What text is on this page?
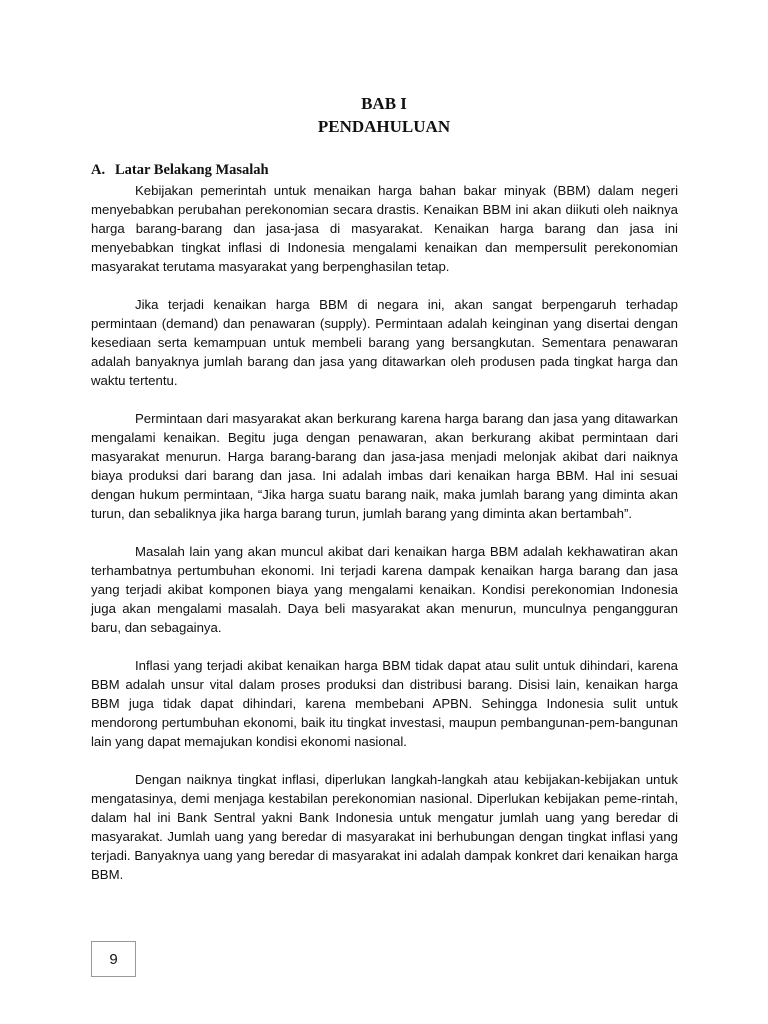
BAB I
PENDAHULUAN
A. Latar Belakang Masalah

Kebijakan pemerintah untuk menaikan harga bahan bakar minyak (BBM) dalam negeri menyebabkan perubahan perekonomian secara drastis. Kenaikan BBM ini akan diikuti oleh naiknya harga barang-barang dan jasa-jasa di masyarakat. Kenaikan harga barang dan jasa ini menyebabkan tingkat inflasi di Indonesia mengalami kenaikan dan mempersulit perekonomian masyarakat terutama masyarakat yang berpenghasilan tetap.

Jika terjadi kenaikan harga BBM di negara ini, akan sangat berpengaruh terhadap permintaan (demand) dan penawaran (supply). Permintaan adalah keinginan yang disertai dengan kesediaan serta kemampuan untuk membeli barang yang bersangkutan. Sementara penawaran adalah banyaknya jumlah barang dan jasa yang ditawarkan oleh produsen pada tingkat harga dan waktu tertentu.

Permintaan dari masyarakat akan berkurang karena harga barang dan jasa yang ditawarkan mengalami kenaikan. Begitu juga dengan penawaran, akan berkurang akibat permintaan dari masyarakat menurun. Harga barang-barang dan jasa-jasa menjadi melonjak akibat dari naiknya biaya produksi dari barang dan jasa. Ini adalah imbas dari kenaikan harga BBM. Hal ini sesuai dengan hukum permintaan, “Jika harga suatu barang naik, maka jumlah barang yang diminta akan turun, dan sebaliknya jika harga barang turun, jumlah barang yang diminta akan bertambah”.

Masalah lain yang akan muncul akibat dari kenaikan harga BBM adalah kekhawatiran akan terhambatnya pertumbuhan ekonomi. Ini terjadi karena dampak kenaikan harga barang dan jasa yang terjadi akibat komponen biaya yang mengalami kenaikan. Kondisi perekonomian Indonesia juga akan mengalami masalah. Daya beli masyarakat akan menurun, munculnya pengangguran baru, dan sebagainya.

Inflasi yang terjadi akibat kenaikan harga BBM tidak dapat atau sulit untuk dihindari, karena BBM adalah unsur vital dalam proses produksi dan distribusi barang. Disisi lain, kenaikan harga BBM juga tidak dapat dihindari, karena membebani APBN. Sehingga Indonesia sulit untuk mendorong pertumbuhan ekonomi, baik itu tingkat investasi, maupun pembangunan-pem-bangunan lain yang dapat memajukan kondisi ekonomi nasional.

Dengan naiknya tingkat inflasi, diperlukan langkah-langkah atau kebijakan-kebijakan untuk mengatasinya, demi menjaga kestabilan perekonomian nasional. Diperlukan kebijakan peme-rintah, dalam hal ini Bank Sentral yakni Bank Indonesia untuk mengatur jumlah uang yang beredar di masyarakat. Jumlah uang yang beredar di masyarakat ini berhubungan dengan tingkat inflasi yang terjadi. Banyaknya uang yang beredar di masyarakat ini adalah dampak konkret dari kenaikan harga BBM.

9
